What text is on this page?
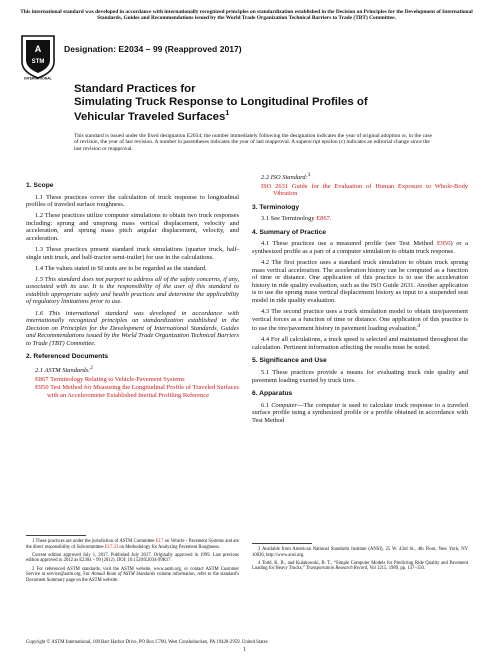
This international standard was developed in accordance with internationally recognized principles on standardization established in the Decision on Principles for the Development of International Standards, Guides and Recommendations issued by the World Trade Organization Technical Barriers to Trade (TBT) Committee.
A
STM
INTERNATIONAL
Designation: E2034 – 99 (Reapproved 2017)
Standard Practices for
Simulating Truck Response to Longitudinal Profiles of
Vehicular Traveled Surfaces$^1$
This standard is issued under the fixed designation E2034; the number immediately following the designation indicates the year of original adoption or, in the case of revision, the year of last revision. A number in parentheses indicates the year of last reapproval. A superscript epsilon (ε) indicates an editorial change since the last revision or reapproval.
1. Scope

1.1 These practices cover the calculation of truck response to longitudinal profiles of traveled surface roughness.

1.2 These practices utilize computer simulations to obtain two truck responses including: sprung and unsprung mass vertical displacement, velocity and acceleration, and sprung mass pitch angular displacement, velocity, and acceleration.

1.3 These practices present standard truck simulations (quarter truck, half-single unit truck, and half-tractor semi-trailer) for use in the calculations.

1.4 The values stated in SI units are to be regarded as the standard.

1.5 This standard does not purport to address all of the safety concerns, if any, associated with its use. It is the responsibility of the user of this standard to establish appropriate safety and health practices and determine the applicability of regulatory limitations prior to use.

1.6 This international standard was developed in accordance with internationally recognized principles on standardization established in the Decision on Principles for the Development of International Standards, Guides and Recommendations issued by the World Trade Organization Technical Barriers to Trade (TBT) Committee.

2. Referenced Documents

2.1 ASTM Standards:$^2$

E867 Terminology Relating to Vehicle-Pavement Systems

E950 Test Method for Measuring the Longitudinal Profile of Traveled Surfaces with an Accelerometer Established Inertial Profiling Reference

2.2 ISO Standard:$^3$

ISO 2631 Guide for the Evaluation of Human Exposure to Whole-Body Vibration

3. Terminology

3.1 See Terminology E867.

4. Summary of Practice

4.1 These practices use a measured profile (see Test Method E950) or a synthesized profile as a part of a computer simulation to obtain truck response.

4.2 The first practice uses a standard truck simulation to obtain truck sprung mass vertical acceleration. The acceleration history can be computed as a function of time or distance. One application of this practice is to use the acceleration history in ride quality evaluation, such as the ISO Guide 2631. Another application is to use the sprung mass vertical displacement history as input to a suspended seat model in ride quality evaluation.

4.3 The second practice uses a truck simulation model to obtain tire/pavement vertical forces as a function of time or distance. One application of this practice is to use the tire/pavement history in pavement loading evaluation.$^4$

4.4 For all calculations, a truck speed is selected and maintained throughout the calculation. Pertinent information affecting the results must be noted.

5. Significance and Use

5.1 These practices provide a means for evaluating truck ride quality and pavement loading exerted by truck tires.

6. Apparatus

6.1 Computer—The computer is used to calculate truck response to a traveled surface profile using a synthesized profile or a profile obtained in accordance with Test Method

1 These practices are under the jurisdiction of ASTM Committee E17 on Vehicle - Pavement Systems and are the direct responsibility of Subcommittee E17.33 on Methodology for Analyzing Pavement Roughness.

Current edition approved July 1, 2017. Published July 2017. Originally approved in 1999. Last previous edition approved in 2012 as E2304 – 99 (2012). DOI: 10.1520/E2034-99R17.

2 For referenced ASTM standards, visit the ASTM website, www.astm.org, or contact ASTM Customer Service at service@astm.org. For Annual Book of ASTM Standards volume information, refer to the standard's Document Summary page on the ASTM website.

3 Available from American National Standards Institute (ANSI), 25 W. 43rd St., 4th Floor, New York, NY 10036, http://www.ansi.org.

4 Todd, K. B., and Kulakowski, B. T., “Simple Computer Models for Predicting Ride Quality and Pavement Loading for Heavy Trucks,” Transportation Research Record, Vol 1215, 1989, pp. 137–150.

Copyright © ASTM International, 100 Barr Harbor Drive, PO Box C700, West Conshohocken, PA 19428-2959. United States
1
